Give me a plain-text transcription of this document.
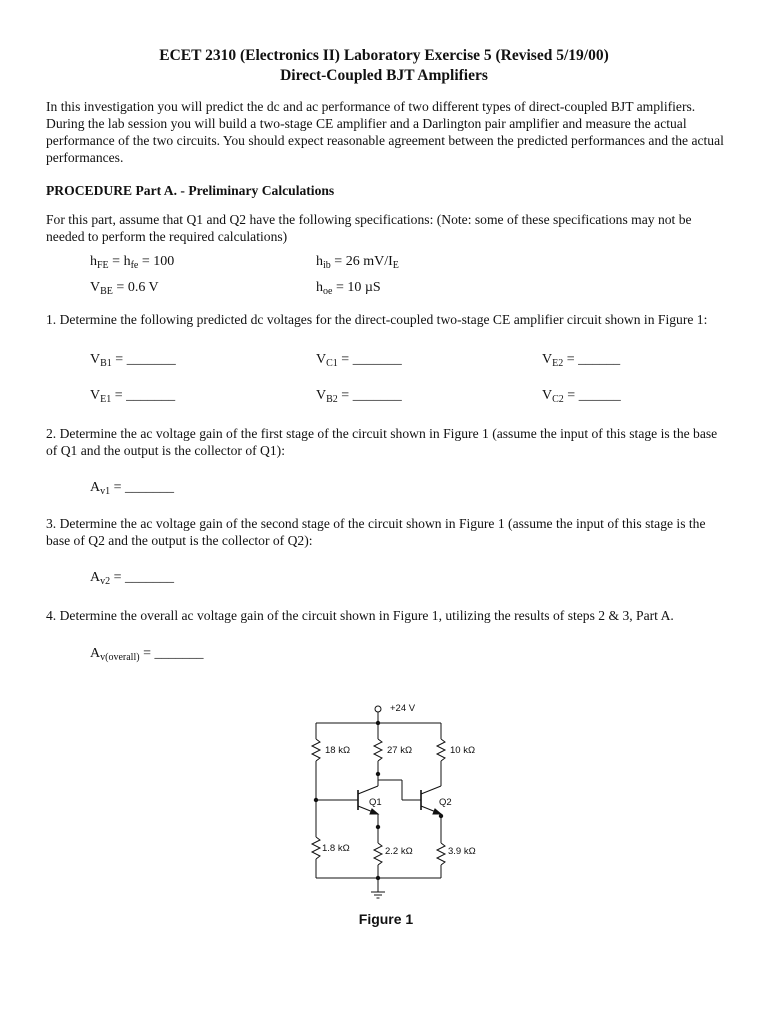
ECET 2310 (Electronics II) Laboratory Exercise 5 (Revised 5/19/00)
Direct-Coupled BJT Amplifiers
In this investigation you will predict the dc and ac performance of two different types of direct-coupled BJT amplifiers. During the lab session you will build a two-stage CE amplifier and a Darlington pair amplifier and measure the actual performance of the two circuits. You should expect reasonable agreement between the predicted performances and the actual performances.
PROCEDURE Part A. - Preliminary Calculations
For this part, assume that Q1 and Q2 have the following specifications: (Note: some of these specifications may not be needed to perform the required calculations)
$h_{FE} = h_{fe} = 100$	$h_{ib} = 26$ $mV/I_E$
$V_{BE} = 0.6$ V	$h_{oe} = 10$ µS
1. Determine the following predicted dc voltages for the direct-coupled two-stage CE amplifier circuit shown in Figure 1:
$V_{B1}$ = _______	$V_{C1}$ = _______	$V_{E2}$ = ______
$V_{E1}$ = _______	$V_{B2}$ = _______	$V_{C2}$ = ______
2. Determine the ac voltage gain of the first stage of the circuit shown in Figure 1 (assume the input of this stage is the base of Q1 and the output is the collector of Q1):
$A_{v1}$ = _______
3. Determine the ac voltage gain of the second stage of the circuit shown in Figure 1 (assume the input of this stage is the base of Q2 and the output is the collector of Q2):
$A_{v2}$ = _______
4. Determine the overall ac voltage gain of the circuit shown in Figure 1, utilizing the results of steps 2 & 3, Part A.
$A_{v(overall)}$ = _______
+24 V
18 kΩ	27 kΩ	10 kΩ
Q1	Q2
1.8 kΩ	2.2 kΩ	3.9 kΩ
Figure 1
